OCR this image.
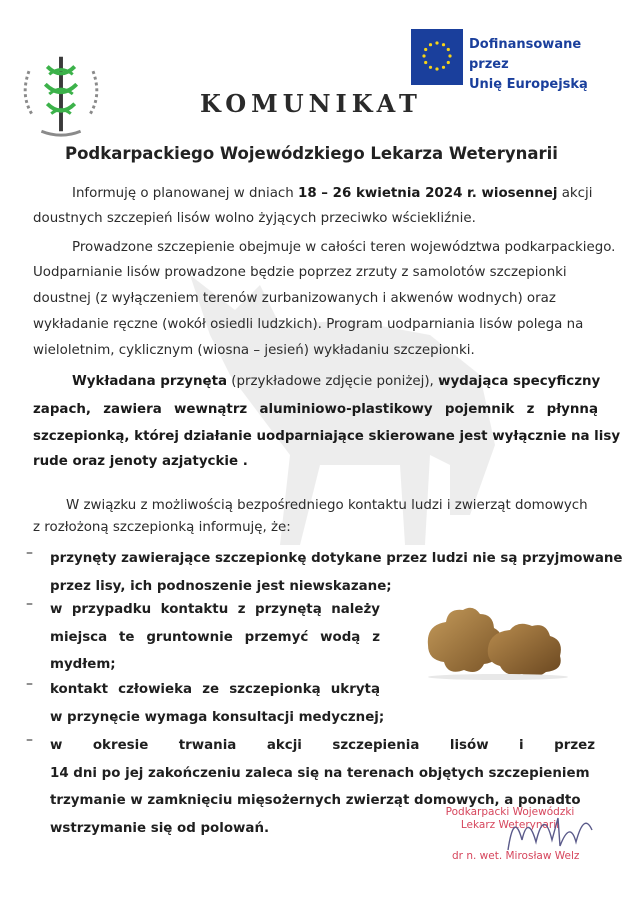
Dofinansowane przez
Unię Europejską
KOMUNIKAT
Podkarpackiego Wojewódzkiego Lekarza Weterynarii

Informuję o planowanej w dniach 18 – 26 kwietnia 2024 r. wiosennej akcji

doustnych szczepień lisów wolno żyjących przeciwko wściekliźnie.

Prowadzone szczepienie obejmuje w całości teren województwa podkarpackiego.

Uodparnianie lisów prowadzone będzie poprzez zrzuty z samolotów szczepionki

doustnej (z wyłączeniem terenów zurbanizowanych i akwenów wodnych) oraz

wykładanie ręczne (wokół osiedli ludzkich). Program uodparniania lisów polega na

wieloletnim, cyklicznym (wiosna – jesień) wykładaniu szczepionki.

Wykładana przynęta (przykładowe zdjęcie poniżej), wydająca specyficzny

zapach, zawiera wewnątrz aluminiowo-plastikowy pojemnik z płynną

szczepionką, której działanie uodparniające skierowane jest wyłącznie na lisy

rude oraz jenoty azjatyckie .

W związku z możliwością bezpośredniego kontaktu ludzi i zwierząt domowych

z rozłożoną szczepionką informuję, że:

– przynęty zawierające szczepionkę dotykane przez ludzi nie są przyjmowane
przez lisy, ich podnoszenie jest niewskazane;
– w przypadku kontaktu z przynętą należy
miejsca te gruntownie przemyć wodą z
mydłem;
– kontakt człowieka ze szczepionką ukrytą
w przynęcie wymaga konsultacji medycznej;
– w okresie trwania akcji szczepienia lisów i przez
14 dni po jej zakończeniu zaleca się na terenach objętych szczepieniem
trzymanie w zamknięciu mięsożernych zwierząt domowych, a ponadto
wstrzymanie się od polowań.
Podkarpacki Wojewódzki
Lekarz Weterynarii
dr n. wet. Mirosław Welz
